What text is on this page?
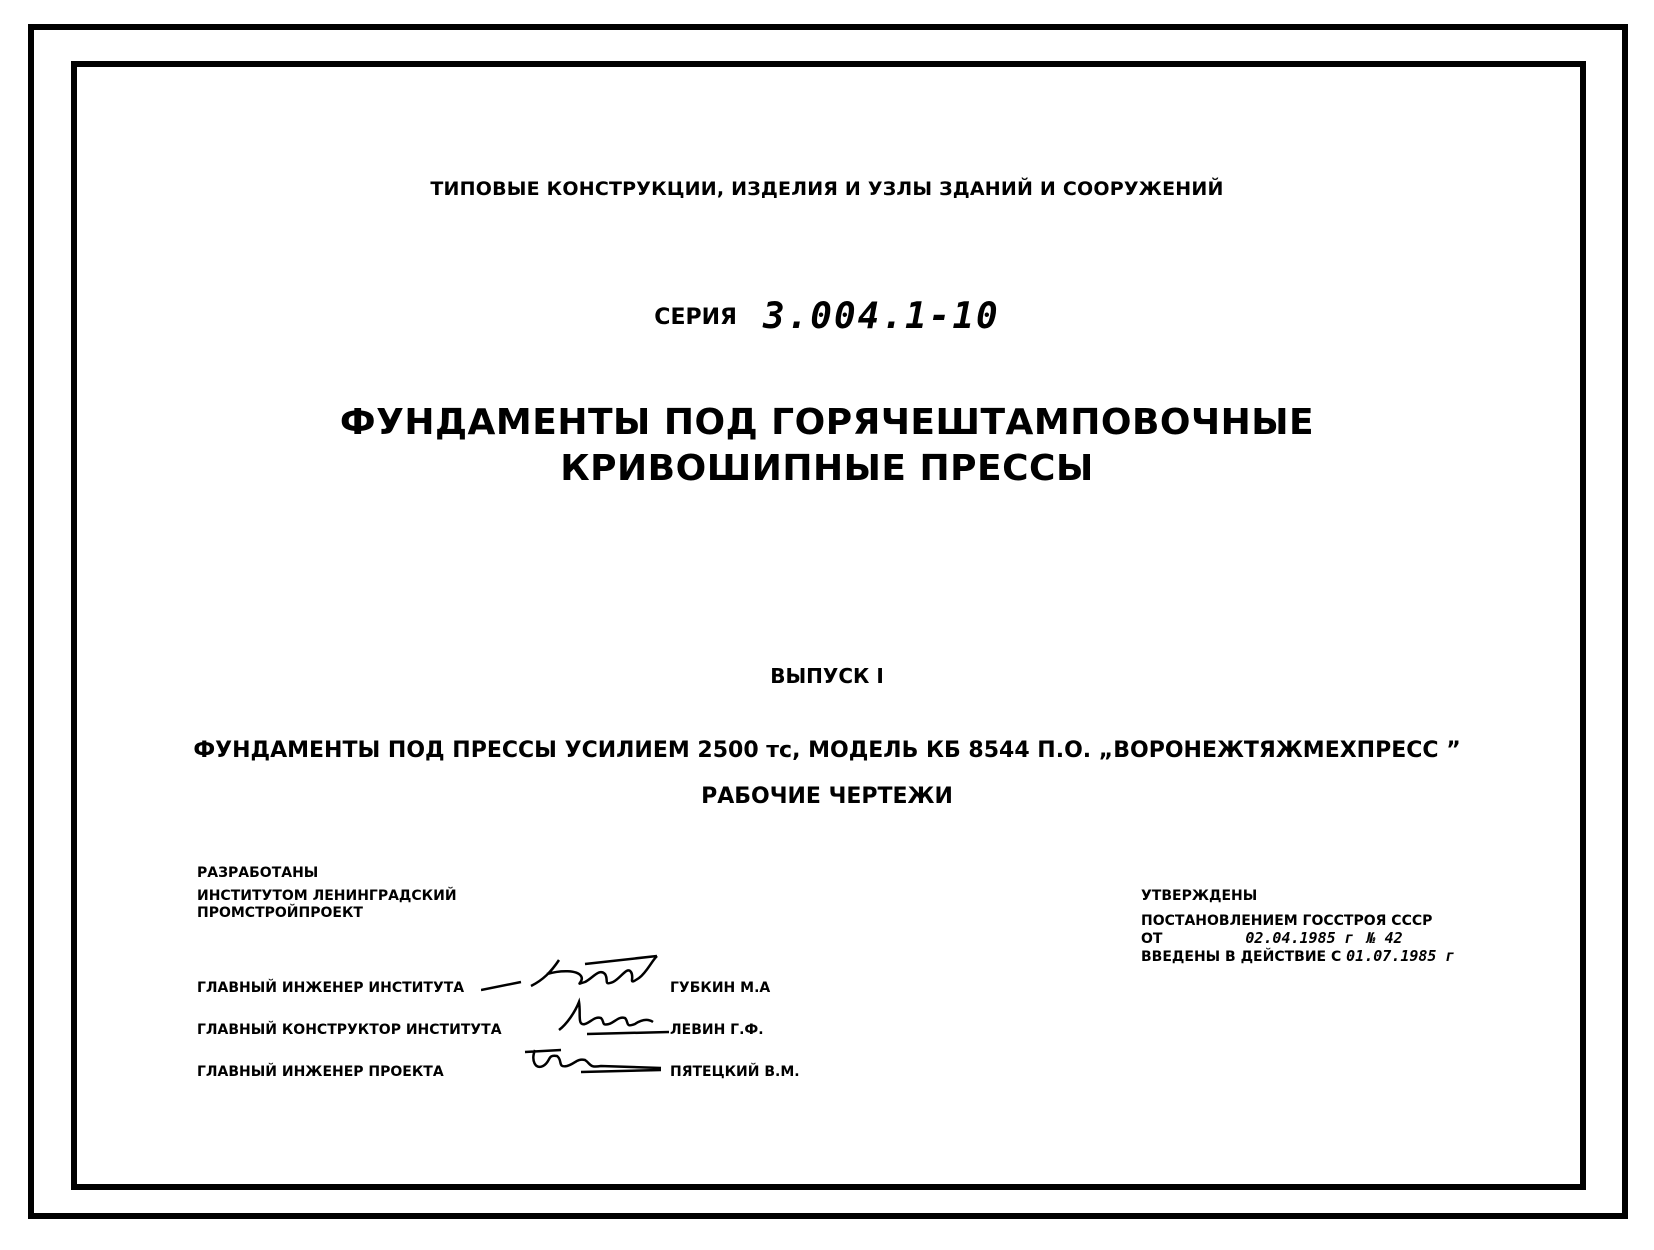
ТИПОВЫЕ КОНСТРУКЦИИ, ИЗДЕЛИЯ И УЗЛЫ ЗДАНИЙ И СООРУЖЕНИЙ
СЕРИЯ 3.004.1-10
ФУНДАМЕНТЫ ПОД ГОРЯЧЕШТАМПОВОЧНЫЕ
КРИВОШИПНЫЕ ПРЕССЫ
ВЫПУСК I
ФУНДАМЕНТЫ ПОД ПРЕССЫ УСИЛИЕМ 2500 тс, МОДЕЛЬ КБ 8544 П.О. „ВОРОНЕЖТЯЖМЕХПРЕСС ”
РАБОЧИЕ ЧЕРТЕЖИ
РАЗРАБОТАНЫ
ИНСТИТУТОМ ЛЕНИНГРАДСКИЙ
ПРОМСТРОЙПРОЕКТ
УТВЕРЖДЕНЫ
ПОСТАНОВЛЕНИЕМ ГОССТРОЯ СССР
ОТ	02.04.1985 г № 42
ВВЕДЕНЫ В ДЕЙСТВИЕ С 01.07.1985 г
ГЛАВНЫЙ ИНЖЕНЕР ИНСТИТУТА	ГУБКИН М.А
ГЛАВНЫЙ КОНСТРУКТОР ИНСТИТУТА	ЛЕВИН Г.Ф.
ГЛАВНЫЙ ИНЖЕНЕР ПРОЕКТА	ПЯТЕЦКИЙ В.М.
